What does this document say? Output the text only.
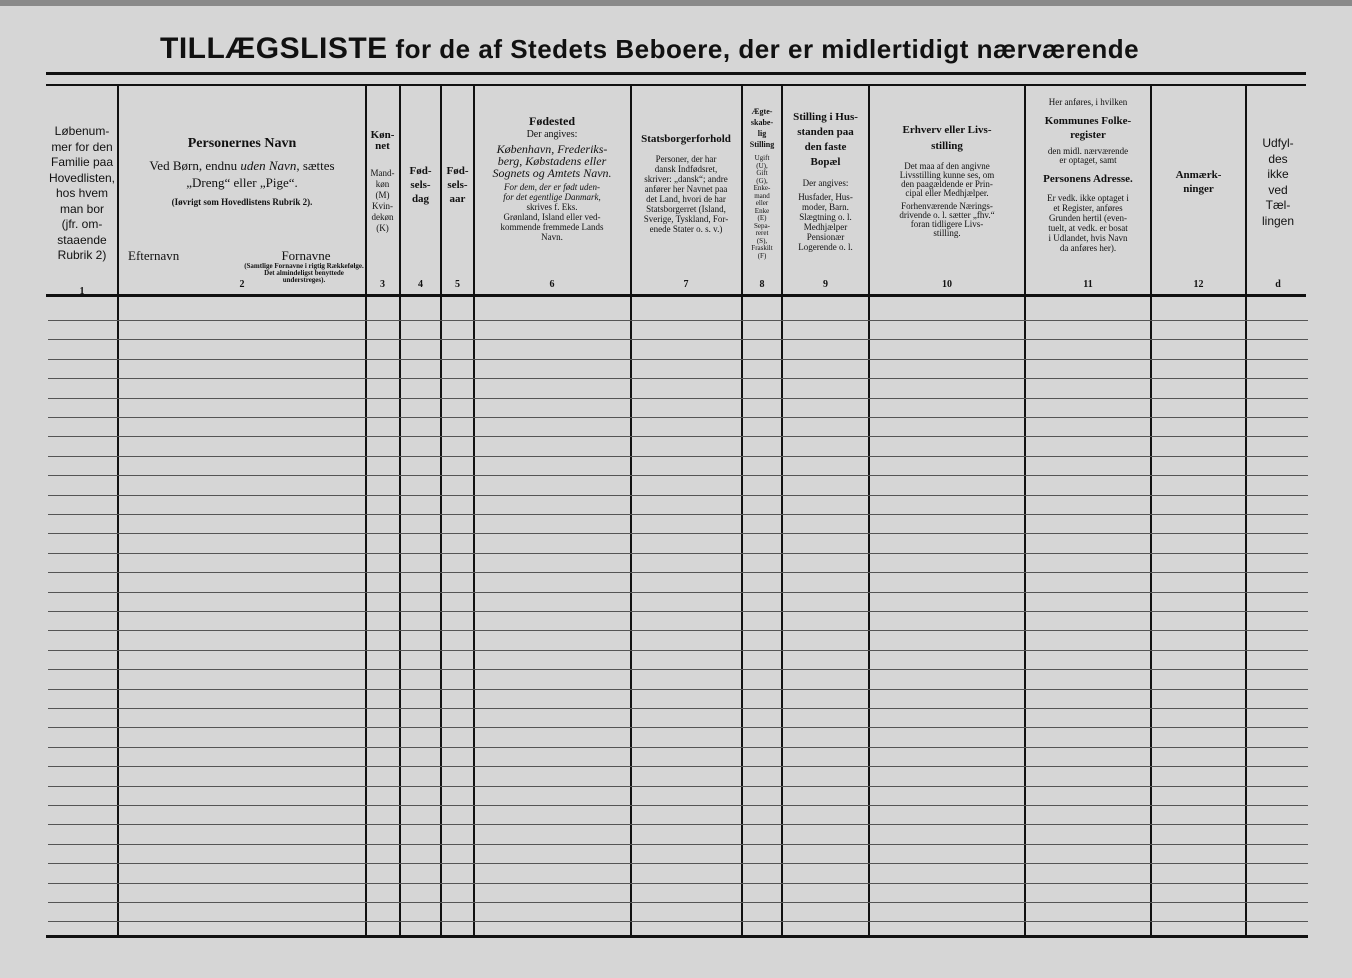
TILLÆGSLISTE for de af Stedets Beboere, der er midlertidigt nærværende
Løbenum-
mer for den
Familie paa
Hovedlisten,
hos hvem
man bor
(jfr. om-
staaende
Rubrik 2)
1
Personernes Navn
Ved Børn, endnu uden Navn, sættes
„Dreng“ eller „Pige“.
(Iøvrigt som Hovedlistens Rubrik 2).
Efternavn	Fornavne
(Samtlige Fornavne i rigtig Rækkefølge. Det almindeligst benyttede understreges).
2
Køn-
net
Mand-
køn
(M)
Kvin-
dekøn
(K)
3
Fød-
sels-
dag
4
Fød-
sels-
aar
5
Fødested
Der angives:
København, Frederiks-
berg, Købstadens eller
Sognets og Amtets Navn.
For dem, der er født uden-
for det egentlige Danmark,
skrives f. Eks.
Grønland, Island eller ved-
kommende fremmede Lands
Navn.
6
Statsborgerforhold
Personer, der har
dansk Indfødsret,
skriver: „dansk“; andre
anfører her Navnet paa
det Land, hvori de har
Statsborgerret (Island,
Sverige, Tyskland, For-
enede Stater o. s. v.)
7
Ægte-
skabe-
lig
Stilling
Ugift
(U),
Gift
(G),
Enke-
mand
eller
Enke
(E)
Sepa-
reret
(S),
Fraskilt
(F)
8
Stilling i Hus-
standen paa
den faste
Bopæl
Der angives:
Husfader, Hus-
moder, Barn.
Slægtning o. l.
Medhjælper
Pensionær
Logerende o. l.
9
Erhverv eller Livs-
stilling
Det maa af den angivne
Livsstilling kunne ses, om
den paagældende er Prin-
cipal eller Medhjælper.
Forhenværende Nærings-
drivende o. l. sætter „fhv.“
foran tidligere Livs-
stilling.
10
Her anføres, i hvilken
Kommunes Folke-
register
den midl. nærværende
er optaget, samt
Personens Adresse.
Er vedk. ikke optaget i
et Register, anføres
Grunden hertil (even-
tuelt, at vedk. er bosat
i Udlandet, hvis Navn
da anføres her).
11
Anmærk-
ninger
12
Udfyl-
des
ikke
ved
Tæl-
lingen
d
